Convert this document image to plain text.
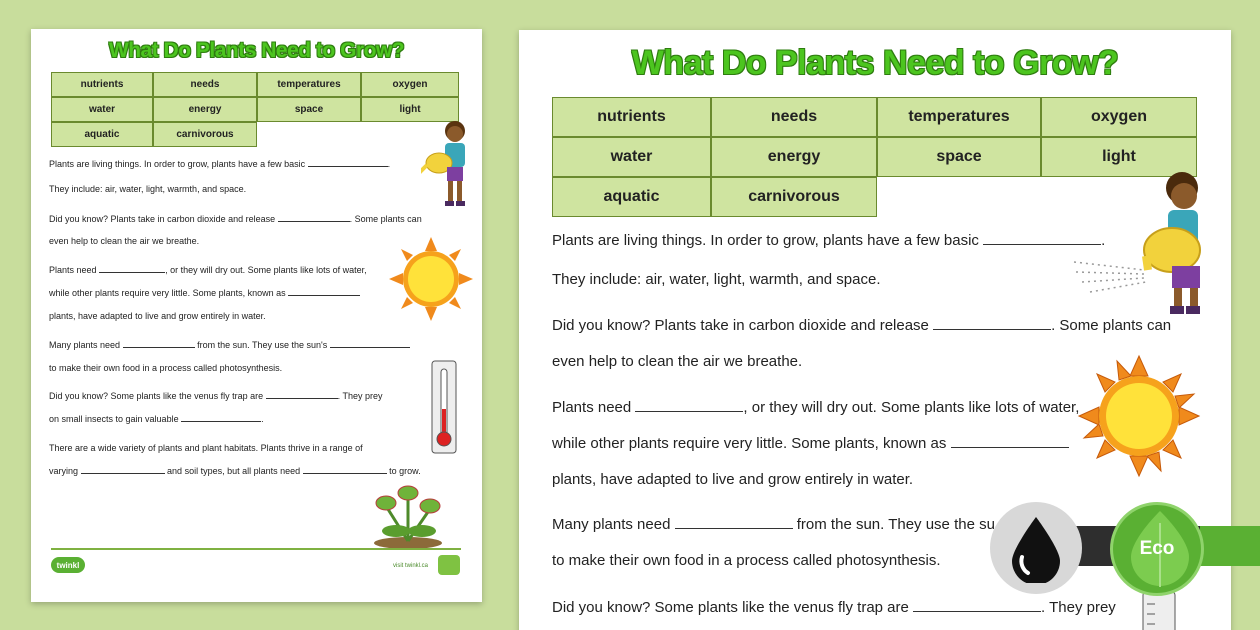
What Do Plants Need to Grow?
nutrients	needs	temperatures	oxygen
water	energy	space	light
aquatic	carnivorous
Plants are living things. In order to grow, plants have a few basic	.
They include: air, water, light, warmth, and space.
Did you know? Plants take in carbon dioxide and release	. Some plants can
even help to clean the air we breathe.
Plants need	, or they will dry out. Some plants like lots of water,
while other plants require very little. Some plants, known as
plants, have adapted to live and grow entirely in water.
Many plants need	from the sun. They use the sun's
to make their own food in a process called photosynthesis.
Did you know? Some plants like the venus fly trap are	. They prey
on small insects to gain valuable	.
There are a wide variety of plants and plant habitats. Plants thrive in a range of
varying	and soil types, but all plants need	to grow.
twinkl	visit twinkl.ca
What Do Plants Need to Grow?
nutrients	needs	temperatures	oxygen
water	energy	space	light
aquatic	carnivorous
Plants are living things. In order to grow, plants have a few basic	.
They include: air, water, light, warmth, and space.
Did you know? Plants take in carbon dioxide and release	. Some plants can
even help to clean the air we breathe.
Plants need	, or they will dry out. Some plants like lots of water,
while other plants require very little. Some plants, known as
plants, have adapted to live and grow entirely in water.
Many plants need	from the sun. They use the su
to make their own food in a process called photosynthesis.
Did you know? Some plants like the venus fly trap are	. They prey
Eco
